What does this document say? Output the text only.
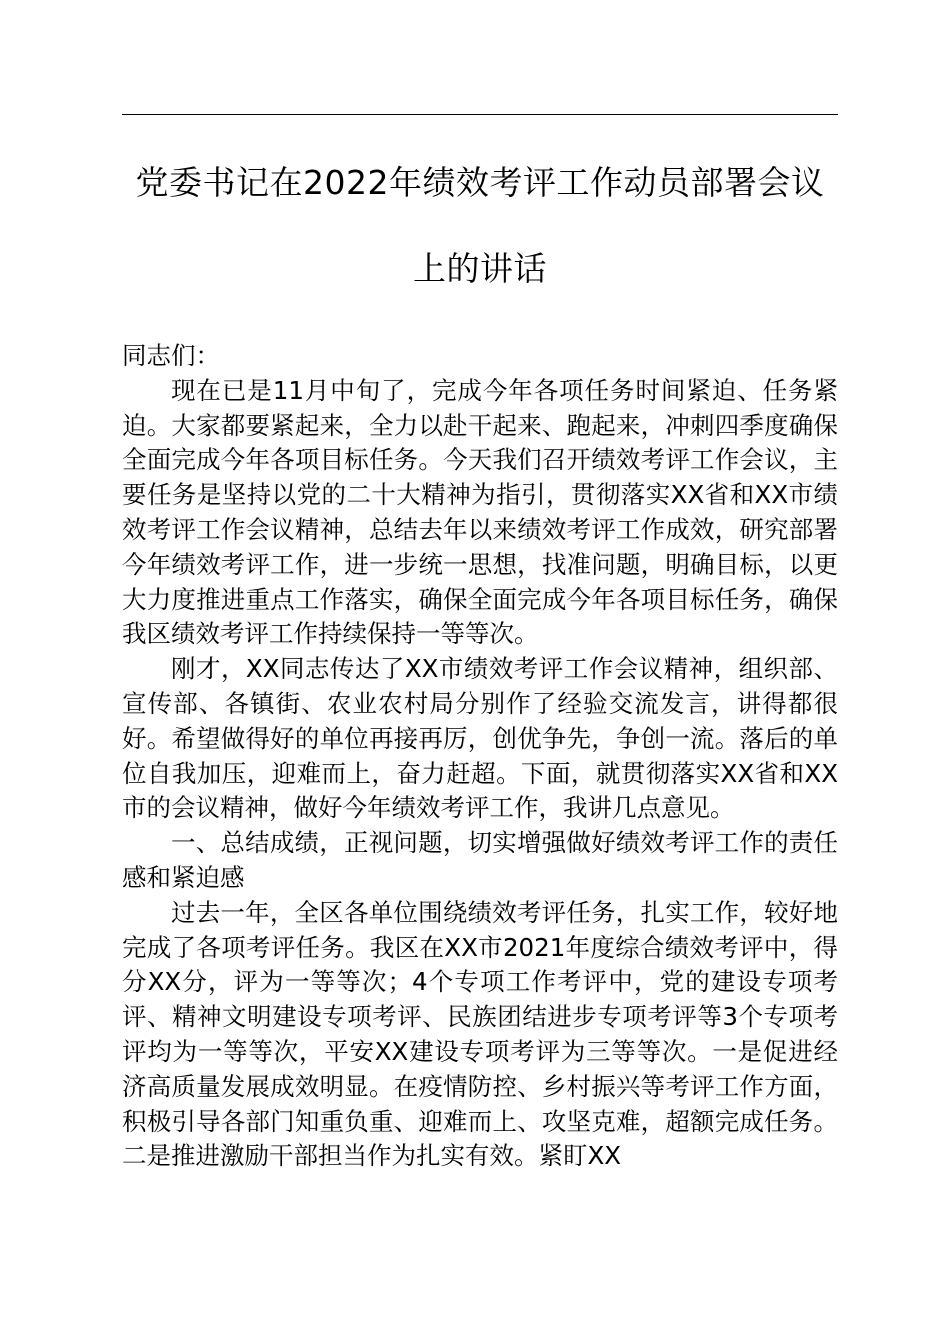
党委书记在2022年绩效考评工作动员部署会议上的讲话

同志们：

现在已是11月中旬了，完成今年各项任务时间紧迫、任务紧迫。大家都要紧起来，全力以赴干起来、跑起来，冲刺四季度确保全面完成今年各项目标任务。今天我们召开绩效考评工作会议，主要任务是坚持以党的二十大精神为指引，贯彻落实XX省和XX市绩效考评工作会议精神，总结去年以来绩效考评工作成效，研究部署今年绩效考评工作，进一步统一思想，找准问题，明确目标，以更大力度推进重点工作落实，确保全面完成今年各项目标任务，确保我区绩效考评工作持续保持一等等次。

刚才，XX同志传达了XX市绩效考评工作会议精神，组织部、宣传部、各镇街、农业农村局分别作了经验交流发言，讲得都很好。希望做得好的单位再接再厉，创优争先，争创一流。落后的单位自我加压，迎难而上，奋力赶超。下面，就贯彻落实XX省和XX市的会议精神，做好今年绩效考评工作，我讲几点意见。

一、总结成绩，正视问题，切实增强做好绩效考评工作的责任感和紧迫感

过去一年，全区各单位围绕绩效考评任务，扎实工作，较好地完成了各项考评任务。我区在XX市2021年度综合绩效考评中，得分XX分，评为一等等次；4个专项工作考评中，党的建设专项考评、精神文明建设专项考评、民族团结进步专项考评等3个专项考评均为一等等次，平安XX建设专项考评为三等等次。一是促进经济高质量发展成效明显。在疫情防控、乡村振兴等考评工作方面，积极引导各部门知重负重、迎难而上、攻坚克难，超额完成任务。二是推进激励干部担当作为扎实有效。紧盯XX
